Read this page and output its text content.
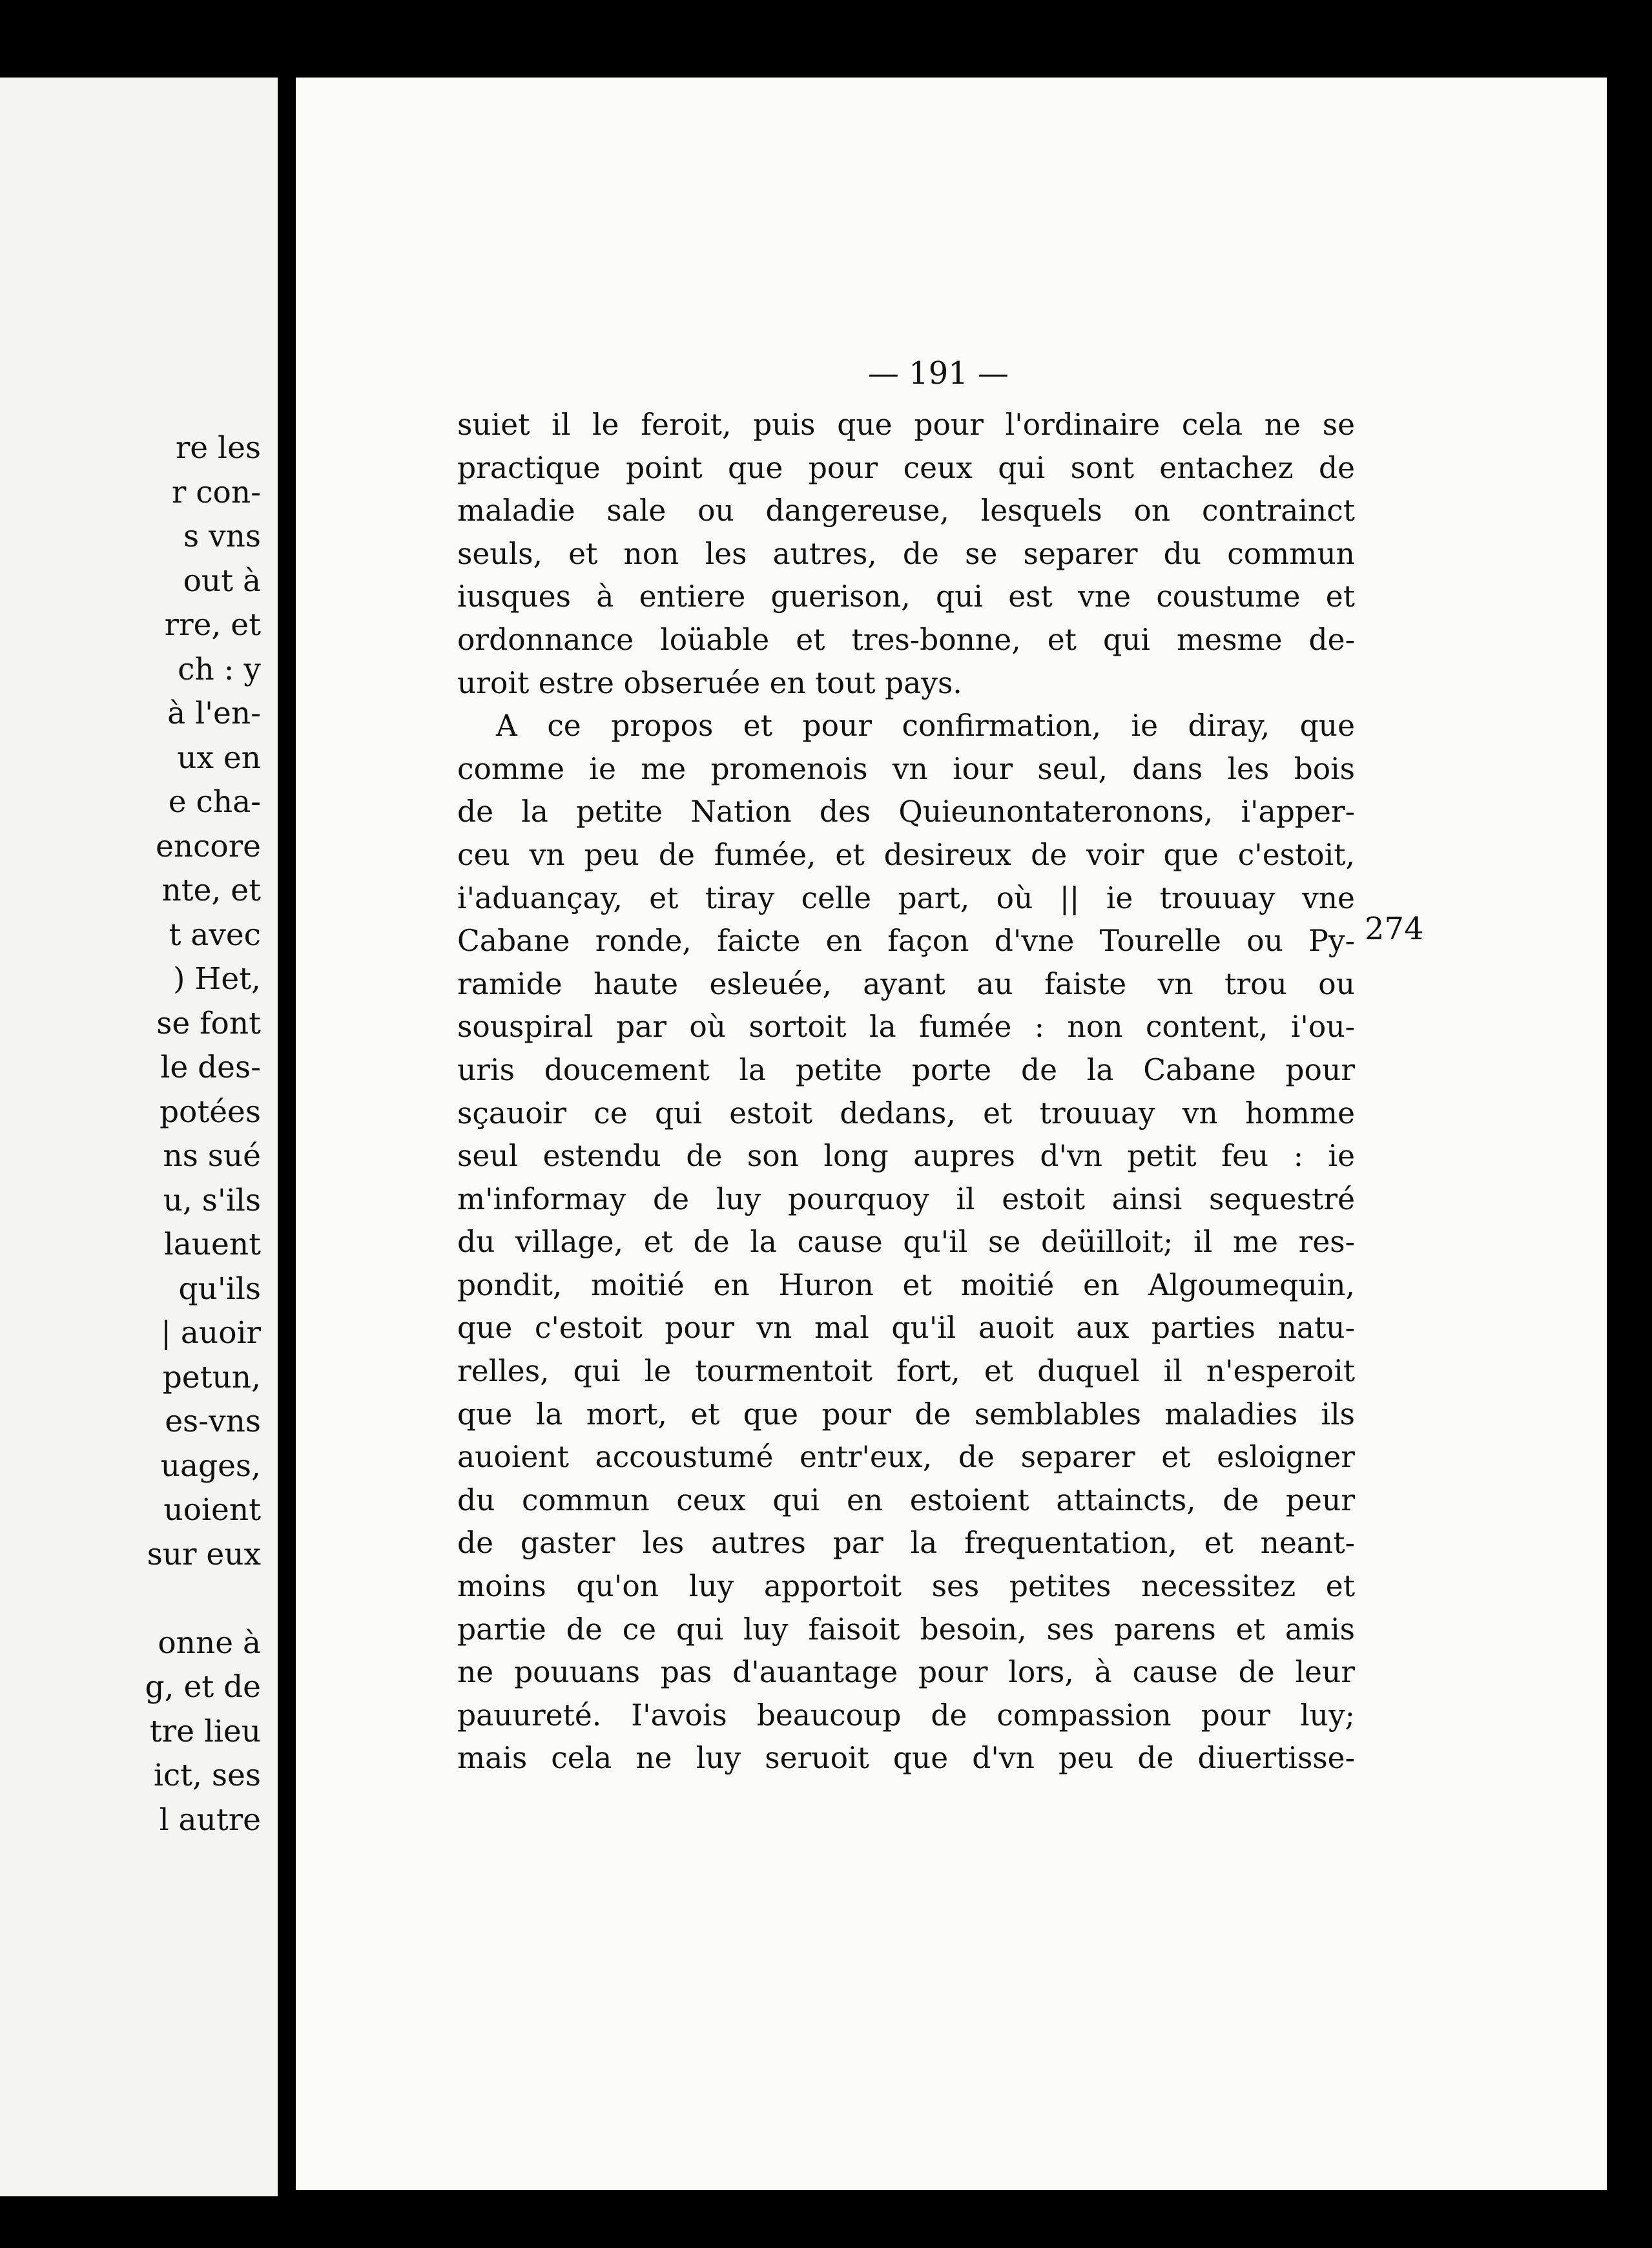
re les
r con-
s vns
out à
rre, et
ch : y
à l'en-
ux en
e cha-
encore
nte, et
t avec
) Het,
se font
le des-
potées
ns sué
u, s'ils
lauent
qu'ils
| auoir
petun,
es-vns
uages,
uoient
sur eux
onne à
g, et de
tre lieu
ict, ses
l autre
— 191 —
suiet il le feroit, puis que pour l'ordinaire cela ne se
practique point que pour ceux qui sont entachez de
maladie sale ou dangereuse, lesquels on contrainct
seuls, et non les autres, de se separer du commun
iusques à entiere guerison, qui est vne coustume et
ordonnance loüable et tres-bonne, et qui mesme de-
uroit estre obseruée en tout pays.
A ce propos et pour confirmation, ie diray, que
comme ie me promenois vn iour seul, dans les bois
de la petite Nation des Quieunontateronons, i'apper-
ceu vn peu de fumée, et desireux de voir que c'estoit,
i'aduançay, et tiray celle part, où || ie trouuay vne
Cabane ronde, faicte en façon d'vne Tourelle ou Py-
ramide haute esleuée, ayant au faiste vn trou ou
souspiral par où sortoit la fumée : non content, i'ou-
uris doucement la petite porte de la Cabane pour
sçauoir ce qui estoit dedans, et trouuay vn homme
seul estendu de son long aupres d'vn petit feu : ie
m'informay de luy pourquoy il estoit ainsi sequestré
du village, et de la cause qu'il se deüilloit; il me res-
pondit, moitié en Huron et moitié en Algoumequin,
que c'estoit pour vn mal qu'il auoit aux parties natu-
relles, qui le tourmentoit fort, et duquel il n'esperoit
que la mort, et que pour de semblables maladies ils
auoient accoustumé entr'eux, de separer et esloigner
du commun ceux qui en estoient attaincts, de peur
de gaster les autres par la frequentation, et neant-
moins qu'on luy apportoit ses petites necessitez et
partie de ce qui luy faisoit besoin, ses parens et amis
ne pouuans pas d'auantage pour lors, à cause de leur
pauureté. I'avois beaucoup de compassion pour luy;
mais cela ne luy seruoit que d'vn peu de diuertisse-
274
